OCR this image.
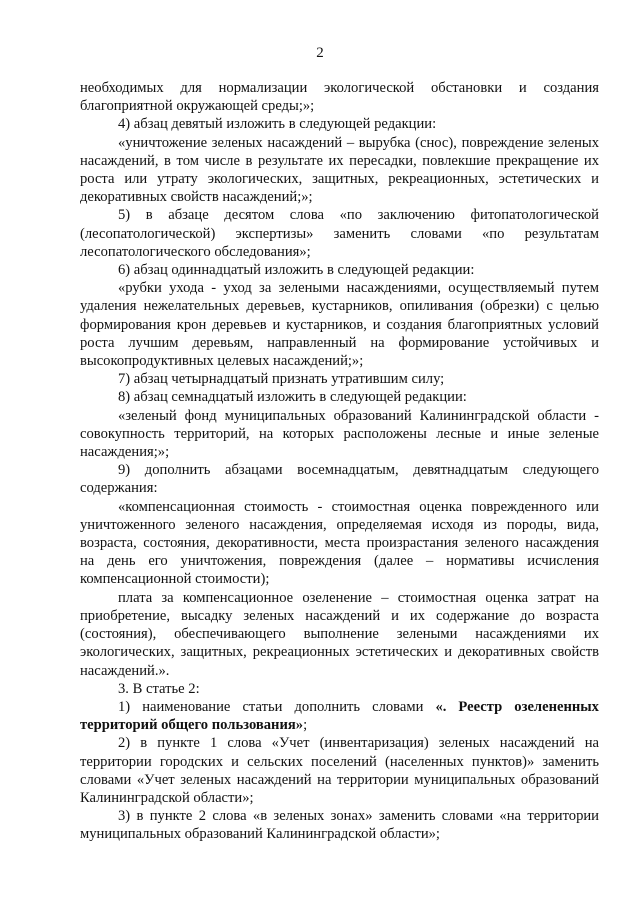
2

необходимых для нормализации экологической обстановки и создания благоприятной окружающей среды;»;

4) абзац девятый изложить в следующей редакции:

«уничтожение зеленых насаждений – вырубка (снос), повреждение зеленых насаждений, в том числе в результате их пересадки, повлекшие прекращение их роста или утрату экологических, защитных, рекреационных, эстетических и декоративных свойств насаждений;»;

5) в абзаце десятом слова «по заключению фитопатологической (лесопатологической) экспертизы» заменить словами «по результатам лесопатологического обследования»;

6) абзац одиннадцатый изложить в следующей редакции:

«рубки ухода - уход за зелеными насаждениями, осуществляемый путем удаления нежелательных деревьев, кустарников, опиливания (обрезки) с целью формирования крон деревьев и кустарников, и создания благоприятных условий роста лучшим деревьям, направленный на формирование устойчивых и высокопродуктивных целевых насаждений;»;

7) абзац четырнадцатый признать утратившим силу;

8) абзац семнадцатый изложить в следующей редакции:

«зеленый фонд муниципальных образований Калининградской области - совокупность территорий, на которых расположены лесные и иные зеленые насаждения;»;

9) дополнить абзацами восемнадцатым, девятнадцатым следующего содержания:

«компенсационная стоимость - стоимостная оценка поврежденного или уничтоженного зеленого насаждения, определяемая исходя из породы, вида, возраста, состояния, декоративности, места произрастания зеленого насаждения на день его уничтожения, повреждения (далее – нормативы исчисления компенсационной стоимости);

плата за компенсационное озеленение – стоимостная оценка затрат на приобретение, высадку зеленых насаждений и их содержание до возраста (состояния), обеспечивающего выполнение зелеными насаждениями их экологических, защитных, рекреационных эстетических и декоративных свойств насаждений.».

3. В статье 2:

1) наименование статьи дополнить словами «. Реестр озелененных территорий общего пользования»;

2) в пункте 1 слова «Учет (инвентаризация) зеленых насаждений на территории городских и сельских поселений (населенных пунктов)» заменить словами «Учет зеленых насаждений на территории муниципальных образований Калининградской области»;

3) в пункте 2 слова «в зеленых зонах» заменить словами «на территории муниципальных образований Калининградской области»;
